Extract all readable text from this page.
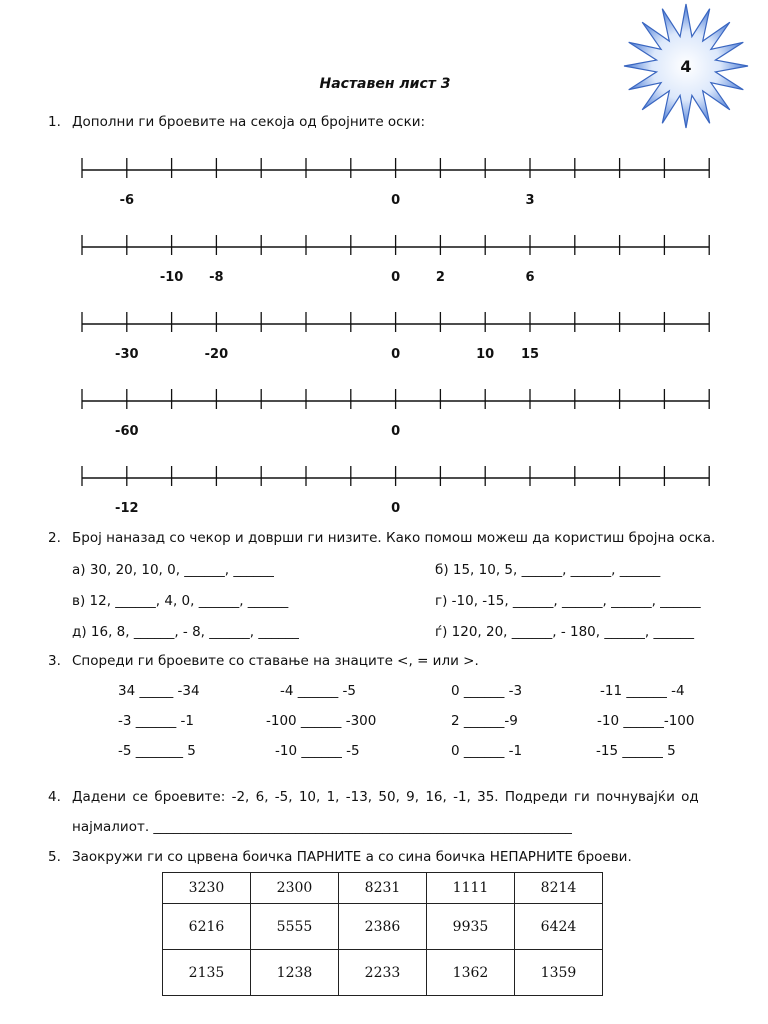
4
Наставен лист 3
1. Дополни ги броевите на секоја од бројните оски:
-6	0	3
-10 -8	0	2	6
-30	-20	0	10 15
-60	0
-12	0
2. Број наназад со чекор и доврши ги низите. Како помош можеш да користиш бројна оска.
а) 30, 20, 10, 0, ______, ______	б) 15, 10, 5, ______, ______, ______
в) 12, ______, 4, 0, ______, ______	г) -10, -15, ______, ______, ______, ______
д) 16, 8, ______, - 8, ______, ______	ѓ) 120, 20, ______, - 180, ______, ______
3. Спореди ги броевите со ставање на знаците <, = или >.
34 _____ -34	-4 ______ -5	0 ______ -3	-11 ______ -4
-3 ______ -1	-100 ______ -300	2 ______-9	-10 ______-100
-5 _______ 5	-10 ______ -5	0 ______ -1	-15 ______ 5
4. Дадени се броевите: -2, 6, -5, 10, 1, -13, 50, 9, 16, -1, 35. Подреди ги почнувајќи од
најмалиот. ______________________________________________________________
5. Заокружи ги со црвена боичка ПАРНИТЕ а со сина боичка НЕПАРНИТЕ броеви.
3230	2300	8231	1111	8214
6216	5555	2386	9935	6424
2135	1238	2233	1362	1359
